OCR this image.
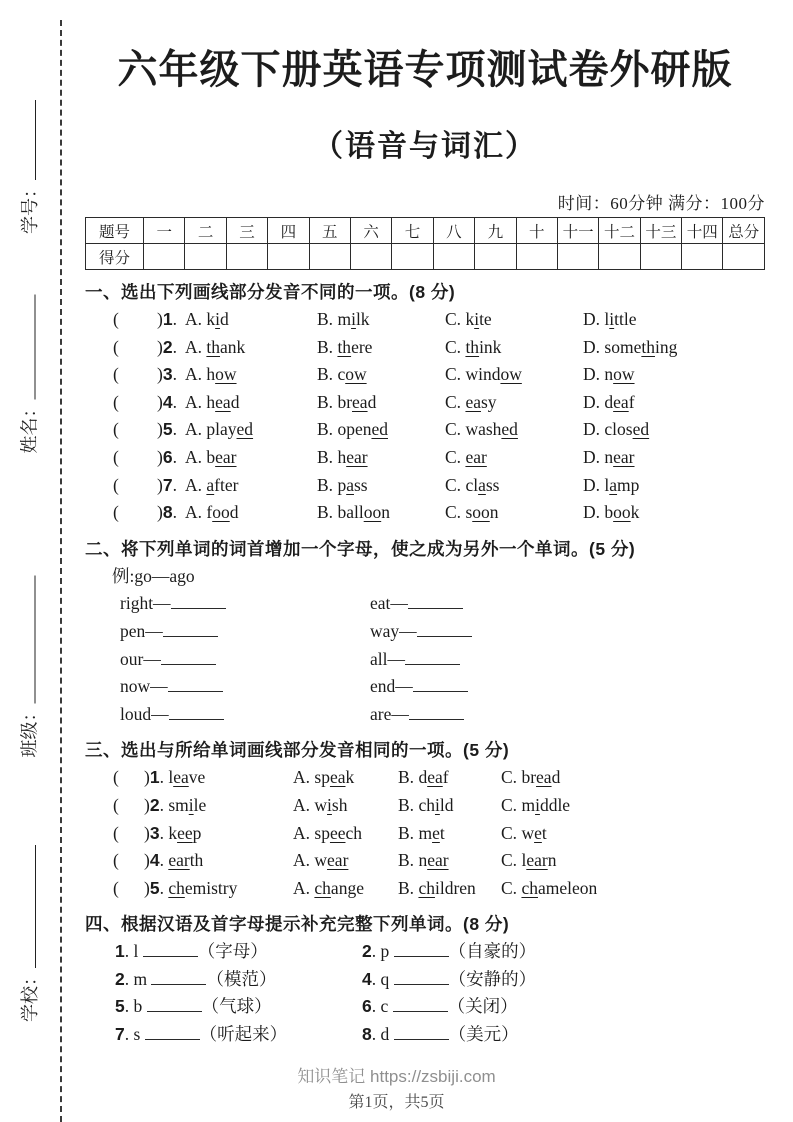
学号：
姓名：
班级：
学校：
六年级下册英语专项测试卷外研版
（语音与词汇）
时间：60分钟 满分：100分
题号	一	二	三	四	五	六	七	八	九	十	十一	十二	十三	十四	总分
得分															
一、选出下列画线部分发音不同的一项。(8 分)
(	)1. A. kid	B. milk	C. kite	D. little
(	)2. A. thank	B. there	C. think	D. something
(	)3. A. how	B. cow	C. window	D. now
(	)4. A. head	B. bread	C. easy	D. deaf
(	)5. A. played	B. opened	C. washed	D. closed
(	)6. A. bear	B. hear	C. ear	D. near
(	)7. A. after	B. pass	C. class	D. lamp
(	)8. A. food	B. balloon	C. soon	D. book
二、将下列单词的词首增加一个字母，使之成为另外一个单词。(5 分)
例:go—ago
right—	eat—
pen—	way—
our—	all—
now—	end—
loud—	are—
三、选出与所给单词画线部分发音相同的一项。(5 分)
(	)1. leave	A. speak	B. deaf	C. bread
(	)2. smile	A. wish	B. child	C. middle
(	)3. keep	A. speech	B. met	C. wet
(	)4. earth	A. wear	B. near	C. learn
(	)5. chemistry	A. change	B. children	C. chameleon
四、根据汉语及首字母提示补充完整下列单词。(8 分)
1. l	（字母）	2. p	（自豪的）
2. m	（模范）	4. q	（安静的）
5. b	（气球）	6. c	（关闭）
7. s	（听起来）	8. d	（美元）
知识笔记 https://zsbiji.com
第1页，共5页
